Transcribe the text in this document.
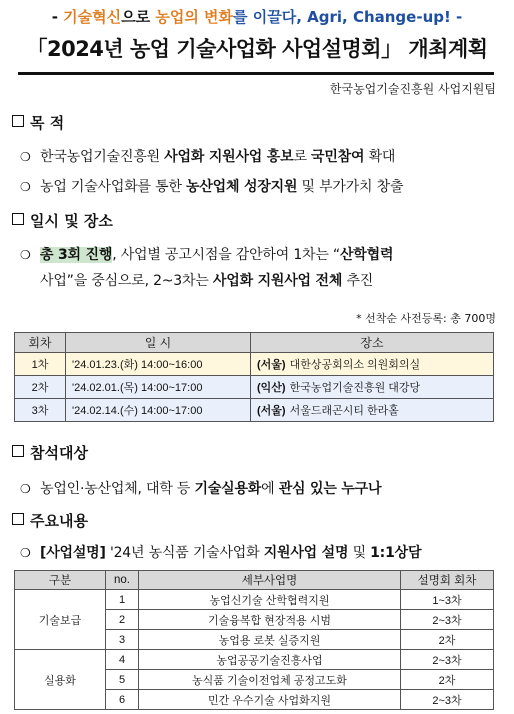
- 기술혁신으로 농업의 변화를 이끌다, Agri, Change-up! -
「2024년 농업 기술사업화 사업설명회」 개최계획
한국농업기술진흥원 사업지원팀
목 적
❍ 한국농업기술진흥원 사업화 지원사업 홍보로 국민참여 확대
❍ 농업 기술사업화를 통한 농산업체 성장지원 및 부가가치 창출
일시 및 장소
❍ 총 3회 진행, 사업별 공고시점을 감안하여 1차는 “산학협력
사업”을 중심으로, 2~3차는 사업화 지원사업 전체 추진
* 선착순 사전등록: 총 700명
회차	일 시	장소
1차	'24.01.23.(화) 14:00~16:00	(서울) 대한상공회의소 의원회의실
2차	'24.02.01.(목) 14:00~17:00	(익산) 한국농업기술진흥원 대강당
3차	'24.02.14.(수) 14:00~17:00	(서울) 서울드래곤시티 한라홀
참석대상
❍ 농업인·농산업체, 대학 등 기술실용화에 관심 있는 누구나
주요내용
❍ [사업설명] '24년 농식품 기술사업화 지원사업 설명 및 1:1상담
구분	no.	세부사업명	설명회 회차
기술보급	1	농업신기술 산학협력지원	1~3차
	2	기술융복합 현장적용 시범	2~3차
	3	농업용 로봇 실증지원	2차
실용화	4	농업공공기술진흥사업	2~3차
	5	농식품 기술이전업체 공정고도화	2차
	6	민간 우수기술 사업화지원	2~3차
